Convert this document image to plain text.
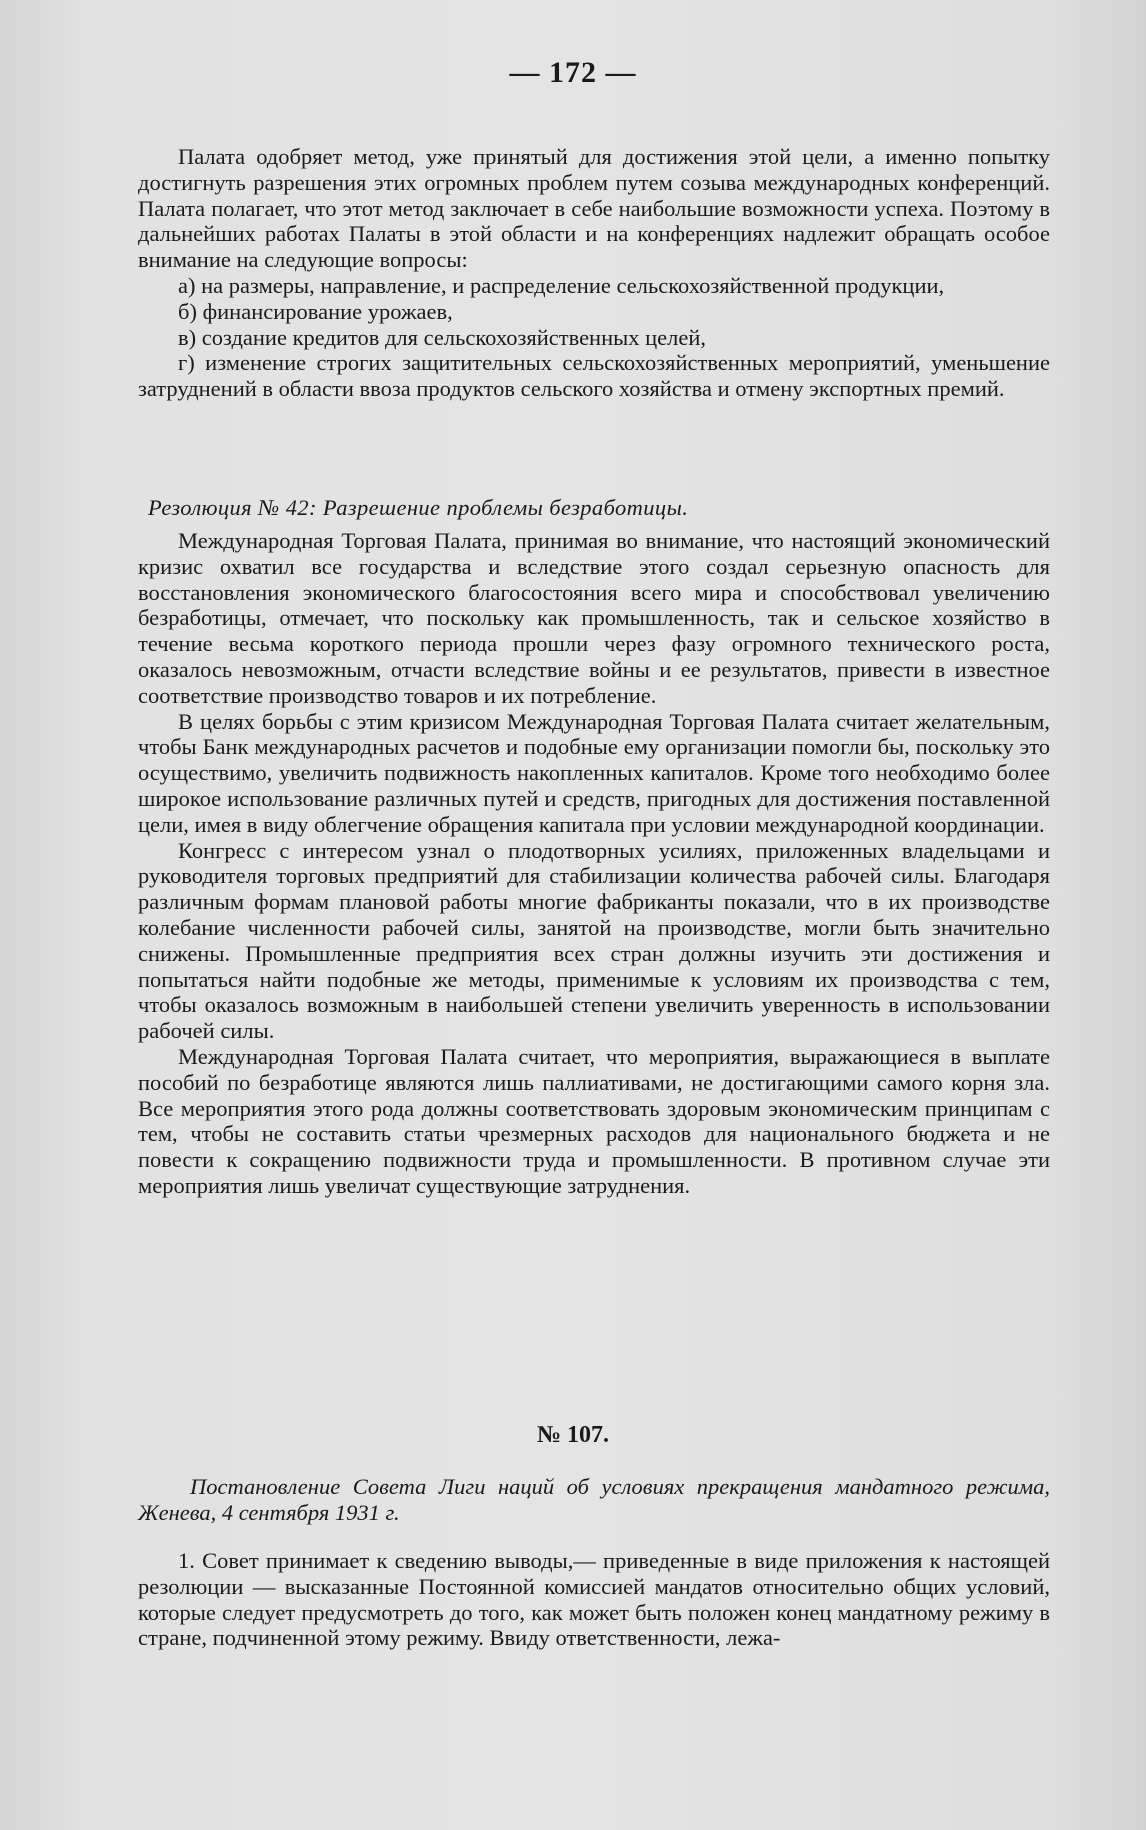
— 172 —

Палата одобряет метод, уже принятый для достижения этой цели, а именно попытку достигнуть разрешения этих огромных проблем путем созыва международных конференций. Палата полагает, что этот метод заключает в себе наибольшие возможности успеха. Поэтому в дальнейших работах Палаты в этой области и на конференциях надлежит обращать особое внимание на следующие вопросы:

а) на размеры, направление, и распределение сельскохозяйственной продукции,

б) финансирование урожаев,

в) создание кредитов для сельскохозяйственных целей,

г) изменение строгих защитительных сельскохозяйственных мероприятий, уменьшение затруднений в области ввоза продуктов сельского хозяйства и отмену экспортных премий.

Резолюция № 42: Разрешение проблемы безработицы.

Международная Торговая Палата, принимая во внимание, что настоящий экономический кризис охватил все государства и вследствие этого создал серьезную опасность для восстановления экономического благосостояния всего мира и способствовал увеличению безработицы, отмечает, что поскольку как промышленность, так и сельское хозяйство в течение весьма короткого периода прошли через фазу огромного технического роста, оказалось невозможным, отчасти вследствие войны и ее результатов, привести в известное соответствие производство товаров и их потребление.

В целях борьбы с этим кризисом Международная Торговая Палата считает желательным, чтобы Банк международных расчетов и подобные ему организации помогли бы, поскольку это осуществимо, увеличить подвижность накопленных капиталов. Кроме того необходимо более широкое использование различных путей и средств, пригодных для достижения поставленной цели, имея в виду облегчение обращения капитала при условии международной координации.

Конгресс с интересом узнал о плодотворных усилиях, приложенных владельцами и руководителя торговых предприятий для стабилизации количества рабочей силы. Благодаря различным формам плановой работы многие фабриканты показали, что в их производстве колебание численности рабочей силы, занятой на производстве, могли быть значительно снижены. Промышленные предприятия всех стран должны изучить эти достижения и попытаться найти подобные же методы, применимые к условиям их производства с тем, чтобы оказалось возможным в наибольшей степени увеличить уверенность в использовании рабочей силы.

Международная Торговая Палата считает, что мероприятия, выражающиеся в выплате пособий по безработице являются лишь паллиативами, не достигающими самого корня зла. Все мероприятия этого рода должны соответствовать здоровым экономическим принципам с тем, чтобы не составить статьи чрезмерных расходов для национального бюджета и не повести к сокращению подвижности труда и промышленности. В противном случае эти мероприятия лишь увеличат существующие затруднения.

№ 107.
Постановление Совета Лиги наций об условиях прекращения мандатного режима, Женева, 4 сентября 1931 г.

1. Совет принимает к сведению выводы,— приведенные в виде приложения к настоящей резолюции — высказанные Постоянной комиссией мандатов относительно общих условий, которые следует предусмотреть до того, как может быть положен конец мандатному режиму в стране, подчиненной этому режиму. Ввиду ответственности, лежа-
